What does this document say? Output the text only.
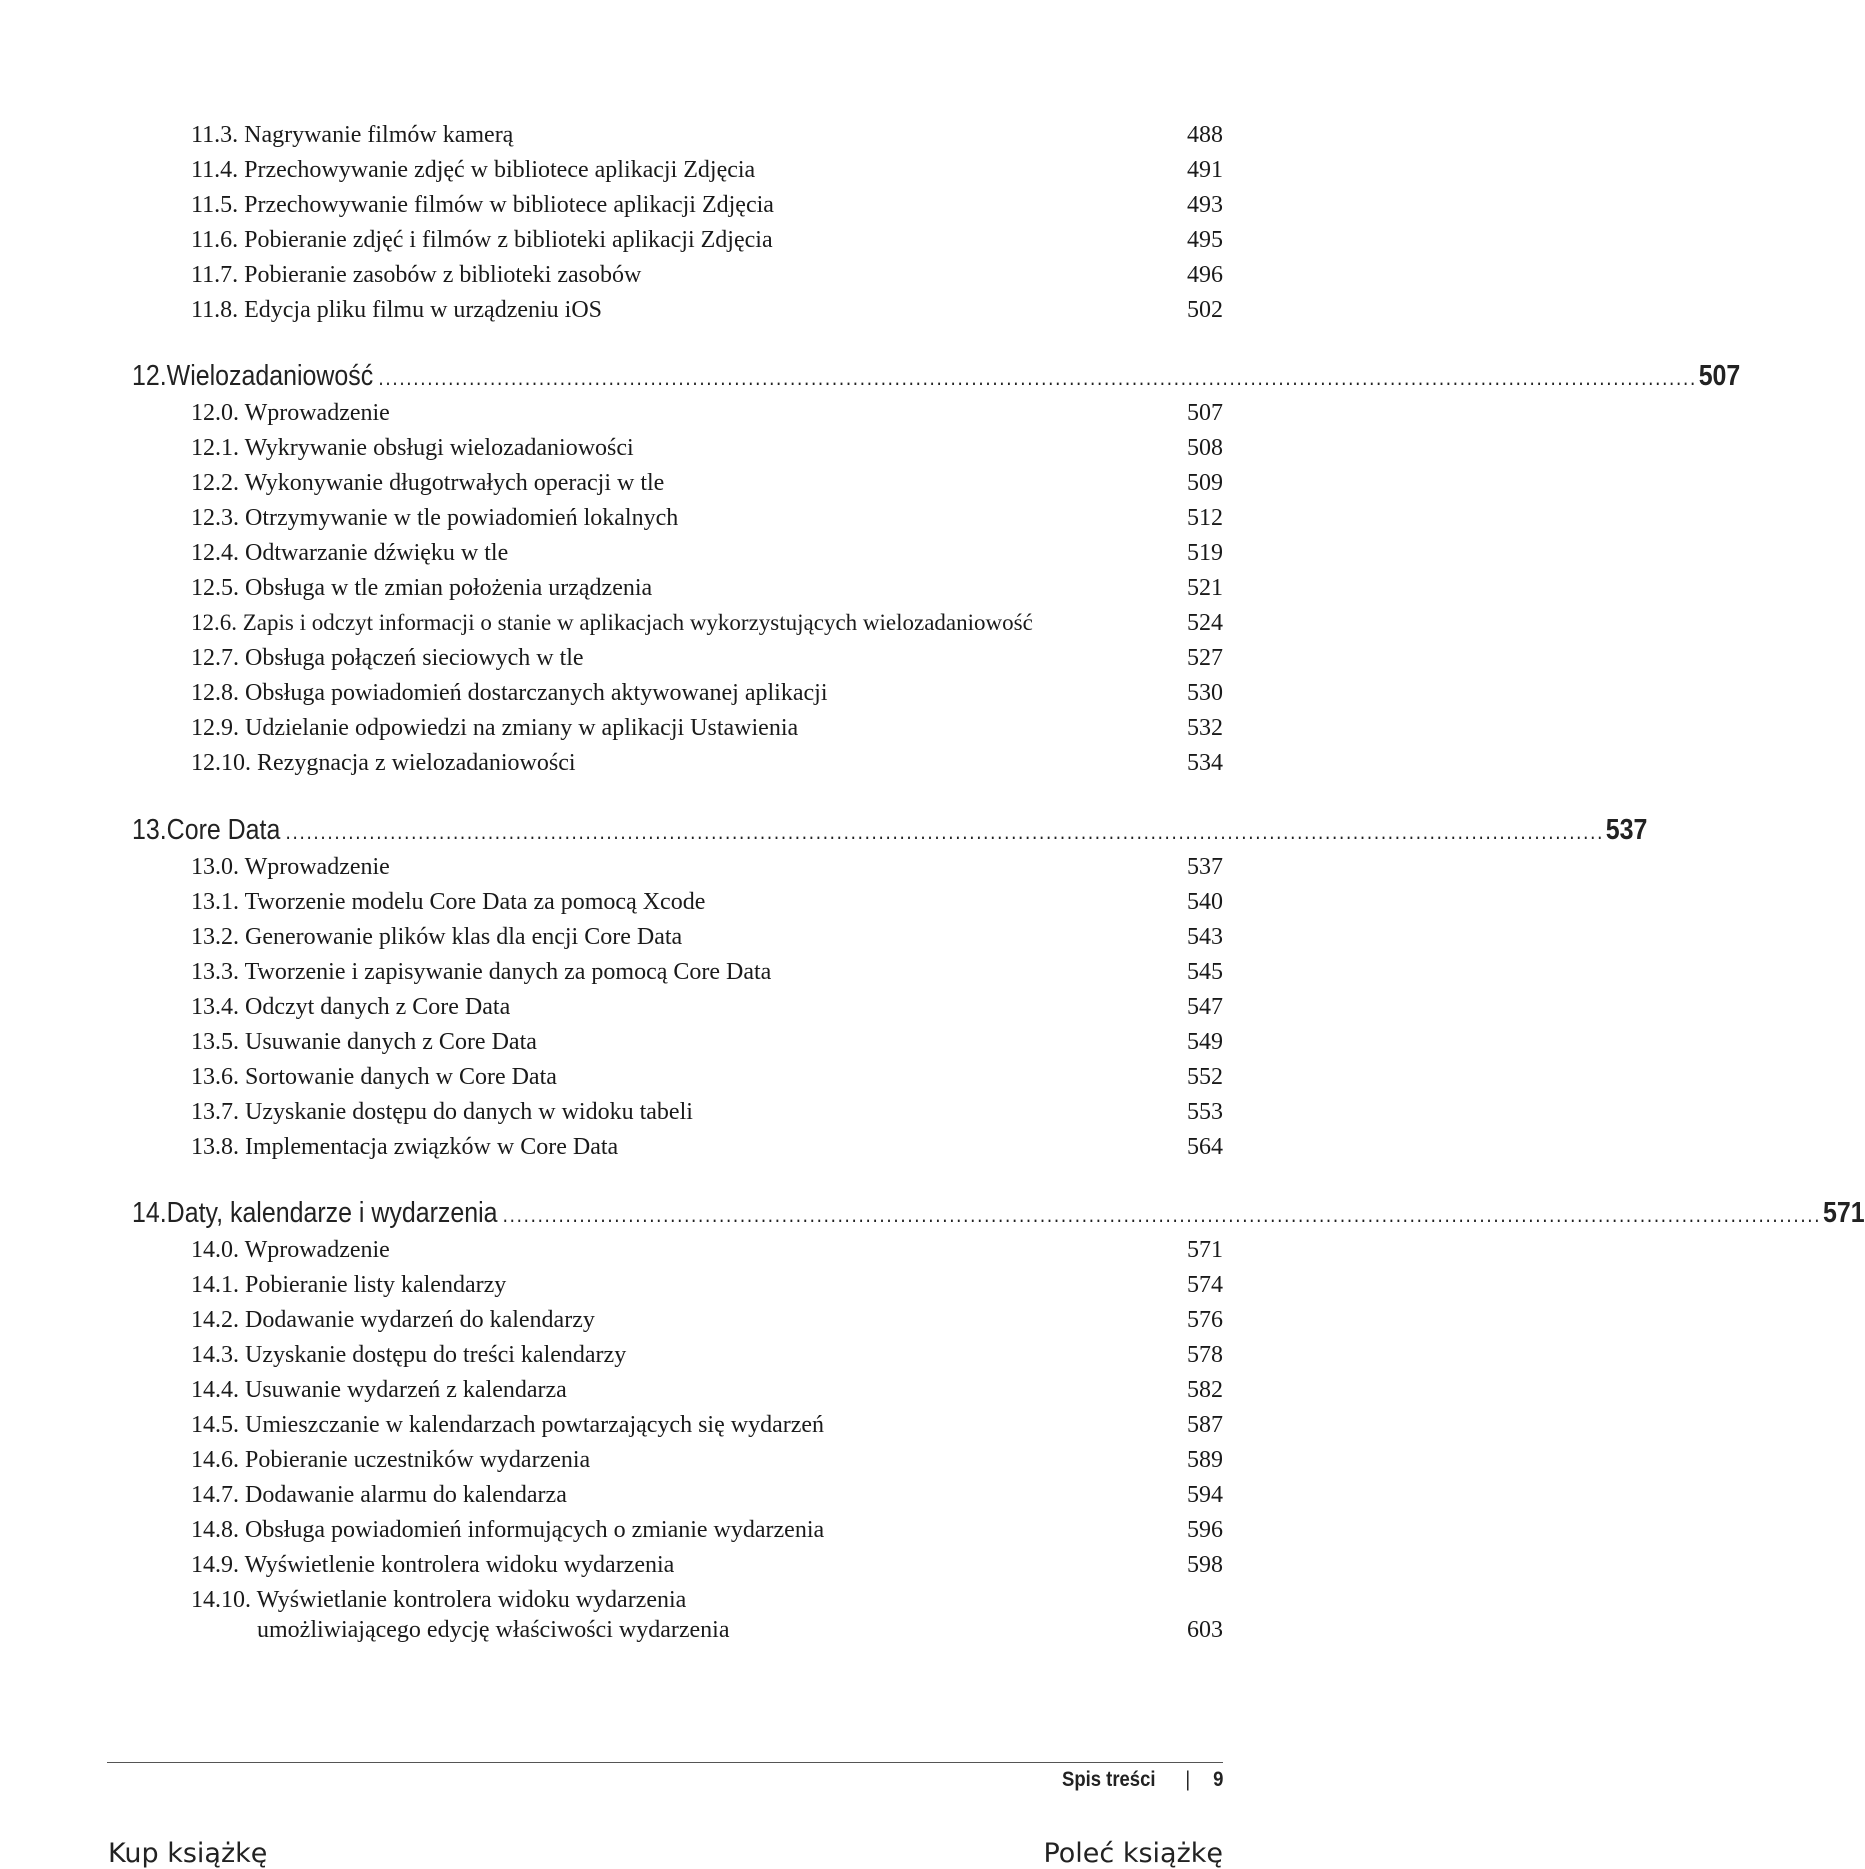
11.3. Nagrywanie filmów kamerą	488
11.4. Przechowywanie zdjęć w bibliotece aplikacji Zdjęcia	491
11.5. Przechowywanie filmów w bibliotece aplikacji Zdjęcia	493
11.6. Pobieranie zdjęć i filmów z biblioteki aplikacji Zdjęcia	495
11.7. Pobieranie zasobów z biblioteki zasobów	496
11.8. Edycja pliku filmu w urządzeniu iOS	502
12. Wielozadaniowość ............................................................................................................................................................................................. 507
12.0. Wprowadzenie	507
12.1. Wykrywanie obsługi wielozadaniowości	508
12.2. Wykonywanie długotrwałych operacji w tle	509
12.3. Otrzymywanie w tle powiadomień lokalnych	512
12.4. Odtwarzanie dźwięku w tle	519
12.5. Obsługa w tle zmian położenia urządzenia	521
12.6. Zapis i odczyt informacji o stanie w aplikacjach wykorzystujących wielozadaniowość	524
12.7. Obsługa połączeń sieciowych w tle	527
12.8. Obsługa powiadomień dostarczanych aktywowanej aplikacji	530
12.9. Udzielanie odpowiedzi na zmiany w aplikacji Ustawienia	532
12.10. Rezygnacja z wielozadaniowości	534
13. Core Data ............................................................................................................................................................................................. 537
13.0. Wprowadzenie	537
13.1. Tworzenie modelu Core Data za pomocą Xcode	540
13.2. Generowanie plików klas dla encji Core Data	543
13.3. Tworzenie i zapisywanie danych za pomocą Core Data	545
13.4. Odczyt danych z Core Data	547
13.5. Usuwanie danych z Core Data	549
13.6. Sortowanie danych w Core Data	552
13.7. Uzyskanie dostępu do danych w widoku tabeli	553
13.8. Implementacja związków w Core Data	564
14. Daty, kalendarze i wydarzenia ............................................................................................................................................................................................. 571
14.0. Wprowadzenie	571
14.1. Pobieranie listy kalendarzy	574
14.2. Dodawanie wydarzeń do kalendarzy	576
14.3. Uzyskanie dostępu do treści kalendarzy	578
14.4. Usuwanie wydarzeń z kalendarza	582
14.5. Umieszczanie w kalendarzach powtarzających się wydarzeń	587
14.6. Pobieranie uczestników wydarzenia	589
14.7. Dodawanie alarmu do kalendarza	594
14.8. Obsługa powiadomień informujących o zmianie wydarzenia	596
14.9. Wyświetlenie kontrolera widoku wydarzenia	598
14.10. Wyświetlanie kontrolera widoku wydarzenia
umożliwiającego edycję właściwości wydarzenia	603
Spis treści | 9
Kup książkę	Poleć książkę
